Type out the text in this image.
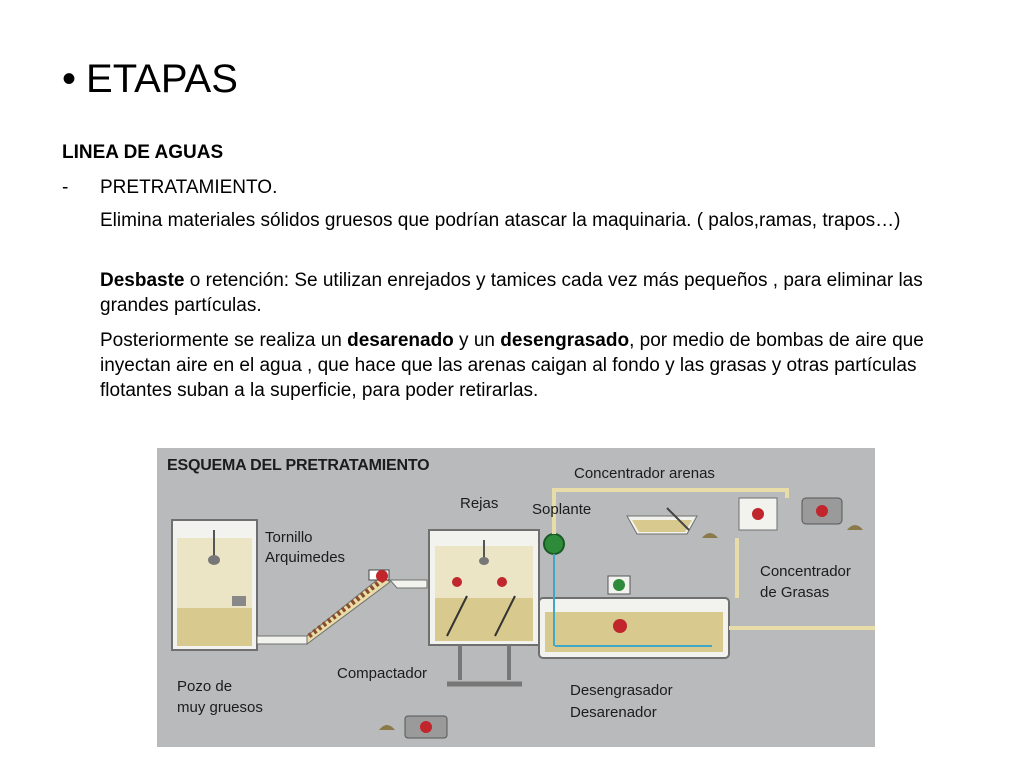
• ETAPAS
LINEA DE AGUAS
- PRETRATAMIENTO.

Elimina materiales sólidos gruesos que podrían atascar la maquinaria. ( palos,ramas, trapos…)

Desbaste o retención: Se utilizan enrejados y tamices cada vez más pequeños , para eliminar las grandes partículas.

Posteriormente se realiza un desarenado y un desengrasado, por medio de bombas de aire que inyectan aire en el agua , que hace que las arenas caigan al fondo y las grasas y otras partículas flotantes suban a la superficie, para poder retirarlas.

ESQUEMA DEL PRETRATAMIENTO
Tornillo
Arquimedes
Rejas Soplante
Concentrador arenas
Concentrador
de Grasas
Compactador
Pozo de
muy gruesos
Desengrasador
Desarenador
